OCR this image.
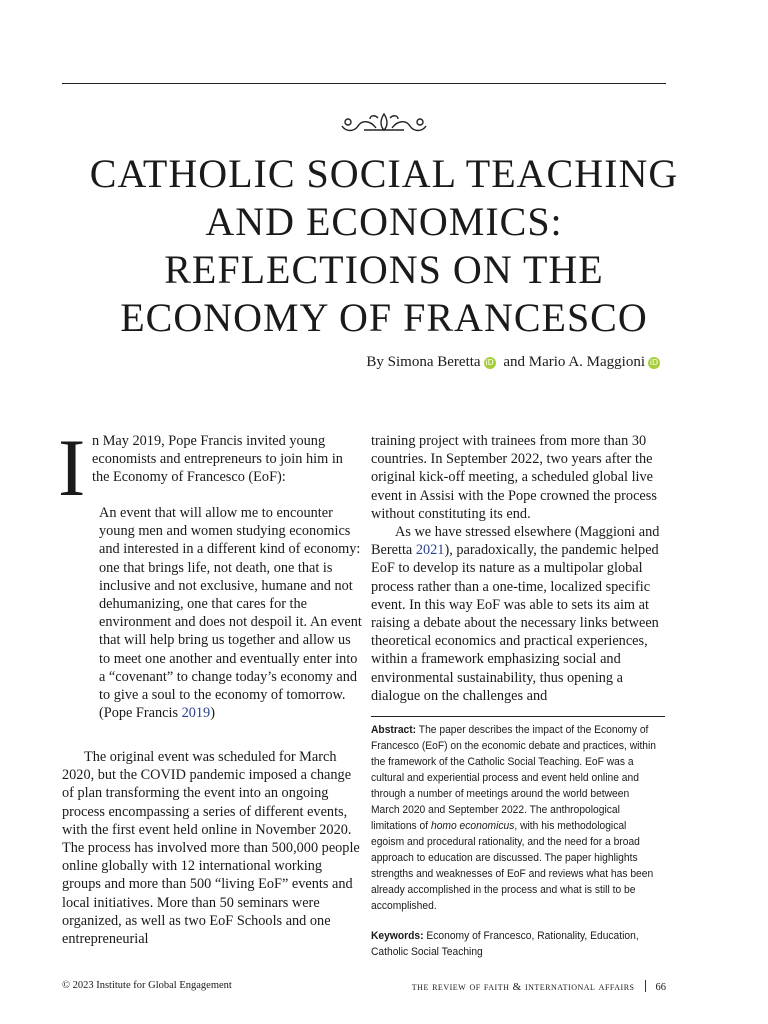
CATHOLIC SOCIAL TEACHING
AND ECONOMICS:
REFLECTIONS ON THE
ECONOMY OF FRANCESCO
By Simona Beretta iD and Mario A. Maggioni iD
I n May 2019, Pope Francis invited young economists and entrepreneurs to join him in the Economy of Francesco (EoF):

An event that will allow me to encounter young men and women studying economics and interested in a different kind of economy: one that brings life, not death, one that is inclusive and not exclusive, humane and not dehumanizing, one that cares for the environment and does not despoil it. An event that will help bring us together and allow us to meet one another and eventually enter into a “covenant” to change today’s economy and to give a soul to the economy of tomorrow. (Pope Francis 2019)

The original event was scheduled for March 2020, but the COVID pandemic imposed a change of plan transforming the event into an ongoing process encompassing a series of different events, with the first event held online in November 2020. The process has involved more than 500,000 people online globally with 12 international working groups and more than 500 “living EoF” events and local initiatives. More than 50 seminars were organized, as well as two EoF Schools and one entrepreneurial

training project with trainees from more than 30 countries. In September 2022, two years after the original kick-off meeting, a scheduled global live event in Assisi with the Pope crowned the process without constituting its end.

As we have stressed elsewhere (Maggioni and Beretta 2021), paradoxically, the pandemic helped EoF to develop its nature as a multipolar global process rather than a one-time, localized specific event. In this way EoF was able to sets its aim at raising a debate about the necessary links between theoretical economics and practical experiences, within a framework emphasizing social and environmental sustainability, thus opening a dialogue on the challenges and

Abstract: The paper describes the impact of the Economy of Francesco (EoF) on the economic debate and practices, within the framework of the Catholic Social Teaching. EoF was a cultural and experiential process and event held online and through a number of meetings around the world between March 2020 and September 2022. The anthropological limitations of homo economicus, with his methodological egoism and procedural rationality, and the need for a broad approach to education are discussed. The paper highlights strengths and weaknesses of EoF and reviews what has been already accomplished in the process and what is still to be accomplished.

Keywords: Economy of Francesco, Rationality, Education, Catholic Social Teaching

© 2023 Institute for Global Engagement	the review of faith & international affairs 66
